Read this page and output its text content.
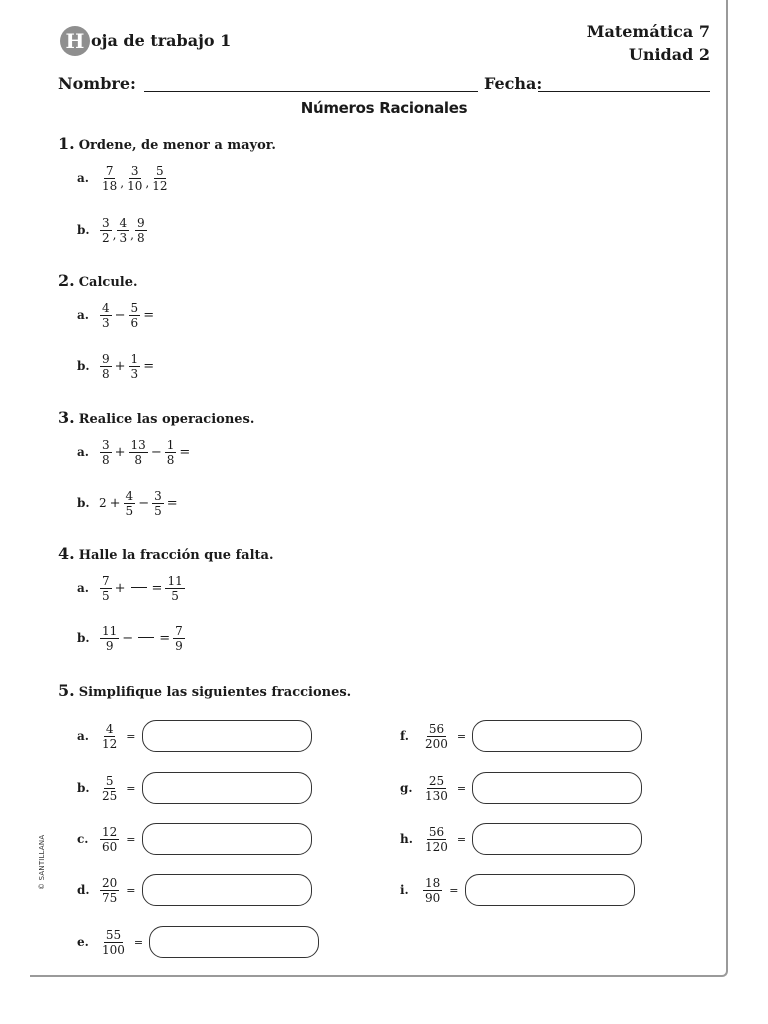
H oja de trabajo 1	Matemática 7
Unidad 2
Nombre:	Fecha:
Números Racionales
1. Ordene, de menor a mayor.
a. $\frac{7}{18}$ , $\frac{3}{10}$ , $\frac{5}{12}$
b. $\frac{3}{2}$ , $\frac{4}{3}$ , $\frac{9}{8}$
2. Calcule.
a. $\frac{4}{3} - \frac{5}{6}$ =
b. $\frac{9}{8} + \frac{1}{3}$ =
3. Realice las operaciones.
a. $\frac{3}{8} + \frac{13}{8} - \frac{1}{8}$ =
b. $2 + \frac{4}{5} - \frac{3}{5}$ =
4. Halle la fracción que falta.
a. $\frac{7}{5}$ + = $\frac{11}{5}$
b. $\frac{11}{9}$ − = $\frac{7}{9}$
5. Simplifique las siguientes fracciones.
a. $\frac{4}{12}$ =
b. $\frac{5}{25}$ =
c. $\frac{12}{60}$ =
d. $\frac{20}{75}$ =
e. $\frac{55}{100}$ =
f.	$\frac{56}{200}$ =
g. $\frac{25}{130}$ =
h. $\frac{56}{120}$ =
i.	$\frac{18}{90}$ =
© SANTILLANA
